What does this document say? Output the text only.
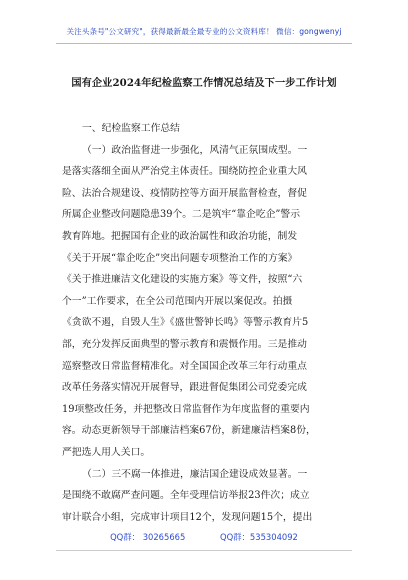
关注头条号"公文研究"，获得最新最全最专业的公文资料库！ 微信：gongwenyj
国有企业2024年纪检监察工作情况总结及下一步工作计划
一、纪检监察工作总结
（一）政治监督进一步强化，风清气正氛围成型。一
是落实落细全面从严治党主体责任。围绕防控企业重大风
险、法治合规建设、疫情防控等方面开展监督检查，督促
所属企业整改问题隐患39个。二是筑牢“靠企吃企”警示
教育阵地。把握国有企业的政治属性和政治功能，制发
《关于开展“靠企吃企”突出问题专项整治工作的方案》
《关于推进廉洁文化建设的实施方案》等文件，按照“六
个一”工作要求，在全公司范围内开展以案促改。拍摄
《贪欲不遏，自毁人生》《盛世警钟长鸣》等警示教育片5
部，充分发挥反面典型的警示教育和震慑作用。三是推动
巡察整改日常监督精准化。对全国国企改革三年行动重点
改革任务落实情况开展督导，跟进督促集团公司党委完成
19项整改任务，并把整改日常监督作为年度监督的重要内
容。动态更新领导干部廉洁档案67份，新建廉洁档案8份，
严把选人用人关口。
（二）三不腐一体推进，廉洁国企建设成效显著。一
是围绕不敢腐严查问题。全年受理信访举报23件次；成立
审计联合小组，完成审计项目12个，发现问题15个，提出
QQ群： 30265665	QQ群：535304092
